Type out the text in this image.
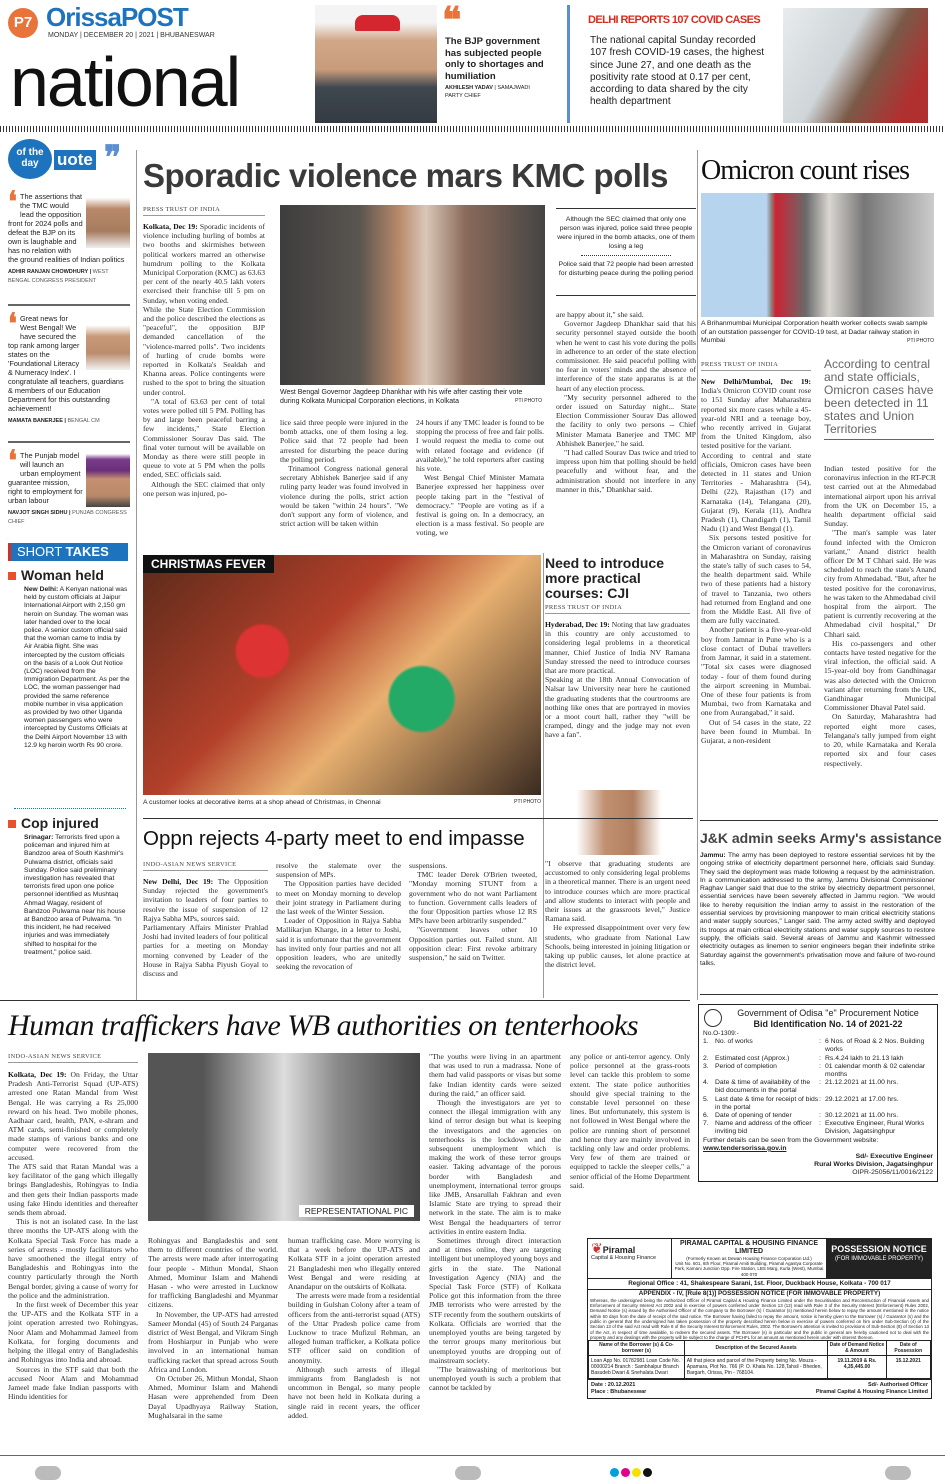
P7 OrissaPOST
MONDAY | DECEMBER 20 | 2021 | BHUBANESWAR
national
❝
The BJP government has subjected people only to shortages and humiliation
AKHILESH YADAV | SAMAJWADI PARTY CHIEF
DELHI REPORTS 107 COVID CASES
The national capital Sunday recorded 107 fresh COVID-19 cases, the highest since June 27, and one death as the positivity rate stood at 0.17 per cent, according to data shared by the city health department
of the day	uote ❞
❛ The assertions that the TMC would lead the opposition front for 2024 polls and defeat the BJP on its own is laughable and has no relation with the ground realities of Indian politics
ADHIR RANJAN CHOWDHURY | WEST BENGAL CONGRESS PRESIDENT
❛ Great news for West Bengal! We have secured the top rank among larger states on the 'Foundational Literacy & Numeracy Index'. I congratulate all teachers, guardians & members of our Education Department for this outstanding achievement!
MAMATA BANERJEE | BENGAL CM
❛ The Punjab model will launch an urban employment guarantee mission, right to employment for urban labour
NAVJOT SINGH SIDHU | PUNJAB CONGRESS CHIEF
SHORT TAKES
Woman held
New Delhi: A Kenyan national was held by custom officials at Jaipur International Airport with 2,150 gm heroin on Sunday. The woman was later handed over to the local police. A senior custom official said that the woman came to India by Air Arabia flight. She was intercepted by the custom officials on the basis of a Look Out Notice (LOC) received from the Immigration Department. As per the LOC, the woman passenger had provided the same reference mobile number in visa application as provided by two other Uganda women passengers who were intercepted by Customs Officials at the Delhi Airport November 13 with 12.9 kg heroin worth Rs 90 crore.
Cop injured
Srinagar: Terrorists fired upon a policeman and injured him at Bandzoo area of South Kashmir's Pulwama district, officials said Sunday. Police said preliminary investigation has revealed that terrorists fired upon one police personnel identified as Mushtaq Ahmad Wagay, resident of Bandzoo Pulwama near his house at Bandzoo area of Pulwama. "In this incident, he had received injuries and was immediately shifted to hospital for the treatment," police said.
Sporadic violence mars KMC polls
PRESS TRUST OF INDIA

Kolkata, Dec 19: Sporadic incidents of violence including hurling of bombs at two booths and skirmishes between political workers marred an otherwise humdrum polling to the Kolkata Municipal Corporation (KMC) as 63.63 per cent of the nearly 40.5 lakh voters exercised their franchise till 5 pm on Sunday, when voting ended.

While the State Election Commission and the police described the elections as "peaceful", the opposition BJP demanded cancellation of the "violence-marred polls". Two incidents of hurling of crude bombs were reported in Kolkata's Sealdah and Khanna areas. Police contingents were rushed to the spot to bring the situation under control.

"A total of 63.63 per cent of total votes were polled till 5 PM. Polling has by and large been peaceful barring a few incidents," State Election Commissioner Sourav Das said. The final voter turnout will be available on Monday as there were still people in queue to vote at 5 PM when the polls ended, SEC officials said.

Although the SEC claimed that only one person was injured, po-

West Bengal Governor Jagdeep Dhankhar with his wife after casting their vote during Kolkata Municipal Corporation elections, in Kolkata	PTI PHOTO

lice said three people were injured in the bomb attacks, one of them losing a leg. Police said that 72 people had been arrested for disturbing the peace during the polling period.

Trinamool Congress national general secretary Abhishek Banerjee said if any ruling party leader was found involved in violence during the polls, strict action would be taken "within 24 hours". "We don't support any form of violence, and strict action will be taken within

24 hours if any TMC leader is found to be stopping the process of free and fair polls. I would request the media to come out with related footage and evidence (if available)," he told reporters after casting his vote.

West Bengal Chief Minister Mamata Banerjee expressed her happiness over people taking part in the "festival of democracy." "People are voting as if a festival is going on. In a democracy, an election is a mass festival. So people are voting, we

Although the SEC claimed that only one person was injured, police said three people were injured in the bomb attacks, one of them losing a leg
Police said that 72 people had been arrested for disturbing peace during the polling period

are happy about it," she said.

Governor Jagdeep Dhankhar said that his security personnel stayed outside the booth when he went to cast his vote during the polls in adherence to an order of the state election commissioner. He said peaceful polling with no fear in voters' minds and the absence of interference of the state apparatus is at the heart of any election process.

"My security personnel adhered to the order issued on Saturday night... State Election Commissioner Sourav Das allowed the facility to only two persons -- Chief Minister Mamata Banerjee and TMC MP Abhishek Banerjee," he said.

"I had called Sourav Das twice and tried to impress upon him that polling should be held peacefully and without fear, and the administration should not interfere in any manner in this," Dhankhar said.

CHRISTMAS FEVER
A customer looks at decorative items at a shop ahead of Christmas, in Chennai	PTI PHOTO
Need to introduce more practical courses: CJI
PRESS TRUST OF INDIA

Hyderabad, Dec 19: Noting that law graduates in this country are only accustomed to considering legal problems in a theoretical manner, Chief Justice of India NV Ramana Sunday stressed the need to introduce courses that are more practical.

Speaking at the 18th Annual Convocation of Nalsar law University near here he cautioned the graduating students that the courtrooms are nothing like ones that are portrayed in movies or a moot court hall, rather they "will be cramped, dingy and the judge may not even have a fan".

"I observe that graduating students are accustomed to only considering legal problems in a theoretical manner. There is an urgent need to introduce courses which are more practical and allow students to interact with people and their issues at the grassroots level," Justice Ramana said.

He expressed disappointment over very few students, who graduate from National Law Schools, being interested in joining litigation or taking up public causes, let alone practice at the district level.

Omicron count rises
A Brihanmumbai Municipal Corporation health worker collects swab sample of an outstation passenger for COVID-19 test, at Dadar railway station in Mumbai	PTI PHOTO
PRESS TRUST OF INDIA

New Delhi/Mumbai, Dec 19: India's Omicron COVID count rose to 151 Sunday after Maharashtra reported six more cases while a 45-year-old NRI and a teenage boy, who recently arrived in Gujarat from the United Kingdom, also tested positive for the variant.

According to central and state officials, Omicron cases have been detected in 11 states and Union Territories - Maharashtra (54), Delhi (22), Rajasthan (17) and Karnataka (14), Telangana (20), Gujarat (9), Kerala (11), Andhra Pradesh (1), Chandigarh (1), Tamil Nadu (1) and West Bengal (1).

Six persons tested positive for the Omicron variant of coronavirus in Maharashtra on Sunday, raising the state's tally of such cases to 54, the health department said. While two of these patients had a history of travel to Tanzania, two others had returned from England and one from the Middle East. All five of them are fully vaccinated.

Another patient is a five-year-old boy from Jamnar in Pune who is a close contact of Dubai travellers from Jamnar, it said in a statement. "Total six cases were diagnosed today - four of them found during the airport screening in Mumbai. One of these four patients is from Mumbai, two from Karnataka and one from Aurangabad," it said.

Out of 54 cases in the state, 22 have been found in Mumbai. In Gujarat, a non-resident

According to central and state officials, Omicron cases have been detected in 11 states and Union Territories

Indian tested positive for the coronavirus infection in the RT-PCR test carried out at the Ahmedabad international airport upon his arrival from the UK on December 15, a health department official said Sunday.

"The man's sample was later found infected with the Omicron variant," Anand district health officer Dr M T Chhari said. He was scheduled to reach the state's Anand city from Ahmedabad. "But, after he tested positive for the coronavirus, he was taken to the Ahmedabad civil hospital from the airport. The patient is currently recovering at the Ahmedabad civil hospital," Dr Chhari said.

His co-passengers and other contacts have tested negative for the viral infection, the official said. A 15-year-old boy from Gandhinagar was also detected with the Omicron variant after returning from the UK, Gandhinagar Municipal Commissioner Dhaval Patel said.

On Saturday, Maharashtra had reported eight more cases, Telangana's tally jumped from eight to 20, while Karnataka and Kerala reported six and four cases respectively.

Oppn rejects 4-party meet to end impasse
INDO-ASIAN NEWS SERVICE

New Delhi, Dec 19: The Opposition Sunday rejected the government's invitation to leaders of four parties to resolve the issue of suspension of 12 Rajya Sabha MPs, sources said.

Parliamentary Affairs Minister Prahlad Joshi had invited leaders of four political parties for a meeting on Monday morning convened by Leader of the House in Rajya Sabha Piyush Goyal to discuss and

resolve the stalemate over the suspension of MPs.

The Opposition parties have decided to meet on Monday morning to develop their joint strategy in Parliament during the last week of the Winter Session.

Leader of Opposition in Rajya Sabha Mallikarjun Kharge, in a letter to Joshi, said it is unfortunate that the government has invited only four parties and not all opposition leaders, who are unitedly seeking the revocation of

suspensions.

TMC leader Derek O'Brien tweeted, "Monday morning STUNT from a government who do not want Parliament to function. Government calls leaders of the four Opposition parties whose 12 RS MPs have been arbitrarily suspended."

"Government leaves other 10 Opposition parties out. Failed stunt. All opposition clear: First revoke arbitrary suspension," he said on Twitter.

J&K admin seeks Army's assistance
Jammu: The army has been deployed to restore essential services hit by the ongoing strike of electricity department personnel here, officials said Sunday. They said the deployment was made following a request by the administration. In a communication addressed to the army, Jammu Divisional Commissioner Raghav Langer said that due to the strike by electricity department personnel, essential services have been severely affected in Jammu region. "We would like to hereby requisition the Indian army to assist in the restoration of the essential services by provisioning manpower to main critical electricity stations and water supply sources," Langer said. The army acted swiftly and deployed its troops at main critical electricity stations and water supply sources to restore supply, the officials said. Several areas of Jammu and Kashmir witnessed electricity outages as linemen to senior engineers began their indefinite strike Saturday against the government's privatisation move and failure of two-round talks.
Human traffickers have WB authorities on tenterhooks
INDO-ASIAN NEWS SERVICE

Kolkata, Dec 19: On Friday, the Uttar Pradesh Anti-Terrorist Squad (UP-ATS) arrested one Ratan Mandal from West Bengal. He was carrying a Rs 25,000 reward on his head. Two mobile phones, Aadhaar card, health, PAN, e-shram and ATM cards, semi-finished or completely made stamps of various banks and one computer were recovered from the accused.

The ATS said that Ratan Mandal was a key facilitator of the gang which illegally brings Bangladeshis, Rohingyas to India and then gets their Indian passports made using fake Hindu identities and thereafter sends them abroad.

This is not an isolated case. In the last three months the UP-ATS along with the Kolkata Special Task Force has made a series of arrests - mostly facilitators who have smoothened the illegal entry of Bangladeshis and Rohingyas into the country particularly through the North Bengal border, giving a cause of worry for the police and the administration.

In the first week of December this year the UP-ATS and the Kolkata STF in a joint operation arrested two Rohingyas, Noor Alam and Mohammad Jameel from Kolkata, for forging documents and helping the illegal entry of Bangladeshis and Rohingyas into India and abroad.

Sources in the STF said that both the accused Noor Alam and Mohammad Jameel made fake Indian passports with Hindu identities for

REPRESENTATIONAL PIC

Rohingyas and Bangladeshis and sent them to different countries of the world. The arrests were made after interrogating four people - Mithun Mondal, Shaon Ahmed, Mominur Islam and Mahendi Hasan - who were arrested in Lucknow for trafficking Bangladeshi and Myanmar citizens.

In November, the UP-ATS had arrested Sameer Mondal (45) of South 24 Parganas district of West Bengal, and Vikram Singh from Hoshiarpur in Punjab who were involved in an international human trafficking racket that spread across South Africa and London.

On October 26, Mithun Mondal, Shaon Ahmed, Mominur Islam and Mahendi Hasan were apprehended from Deen Dayal Upadhyaya Railway Station, Mughalsarai in the same

human trafficking case. More worrying is that a week before the UP-ATS and Kolkata STF in a joint operation arrested 21 Bangladeshi men who illegally entered West Bengal and were residing at Anandapur on the outskirts of Kolkata.

The arrests were made from a residential building in Gulshan Colony after a team of officers from the anti-terrorist squad (ATS) of the Uttar Pradesh police came from Lucknow to trace Mufizul Rehman, an alleged human trafficker, a Kolkata police STF officer said on condition of anonymity.

Although such arrests of illegal immigrants from Bangladesh is not uncommon in Bengal, so many people have not been held in Kolkata during a single raid in recent years, the officer added.

"The youths were living in an apartment that was used to run a madrassa. None of them had valid passports or visas but some fake Indian identity cards were seized during the raid," an officer said.

Though the investigators are yet to connect the illegal immigration with any kind of terror design but what is keeping the investigators and the agencies on tenterhooks is the lockdown and the subsequent unemployment which is making the work of these terror groups easier. Taking advantage of the porous border with Bangladesh and unemployment, international terror groups like JMB, Ansarullah Fakhran and even Islamic State are trying to spread their network in the state. The aim is to make West Bengal the headquarters of terror activities in entire eastern India.

Sometimes through direct interaction and at times online, they are targeting intelligent but unemployed young boys and girls in the state. The National Investigation Agency (NIA) and the Special Task Force (STF) of Kolkata Police got this information from the three JMB terrorists who were arrested by the STF recently from the southern outskirts of Kolkata. Officials are worried that the unemployed youths are being targeted by the terror groups many meritorious but unemployed youths are dropping out of mainstream society.

"The brainwashing of meritorious but unemployed youth is such a problem that cannot be tackled by

any police or anti-terror agency. Only police personnel at the grass-roots level can tackle this problem to some extent. The state police authorities should give special training to the constable level personnel on these lines. But unfortunately, this system is not followed in West Bengal where the police are running short of personnel and hence they are mainly involved in tackling only law and order problems. Very few of them are trained or equipped to tackle the sleeper cells," a senior official of the Home Department said.

Government of Odisa "e" Procurement Notice
Bid Identification No. 14 of 2021-22
No.O-1309:-
1. No. of works	: 6 Nos. of Road & 2 Nos. Building works
2. Estimated cost (Approx.)	: Rs.4.24 lakh to 21.13 lakh
3. Period of completion	: 01 calendar month & 02 calendar months
4. Date & time of availability of the bid documents in the portal
: 21.12.2021 at 11.00 hrs.
5. Last date & time for receipt of bids in the portal
: 29.12.2021 at 17.00 hrs.
6. Date of opening of tender	: 30.12.2021 at 11.00 hrs.
7. Name and address of the officer inviting bid
: Executive Engineer, Rural Works Division, Jagatsinghpur
Further details can be seen from the Government website:
www.tendersorissa.gov.in
Sd/- Executive Engineer
Rural Works Division, Jagatsinghpur
OIPR-25056/11/0016/2122
❦Piramal
Capital & Housing Finance
PIRAMAL CAPITAL & HOUSING FINANCE LIMITED
(Formerly Known as Dewan Housing Finance Corporation Ltd.)
Unit No. 601, 6th Floor, Piramal Amiti Building, Piramal Agastya Corporate Park, Kamani Junction Opp. Fire Station, LBS Marg, Kurla (West), Mumbai 400 070
POSSESSION NOTICE
(FOR IMMOVABLE PROPERTY)
Regional Office : 41, Shakespeare Sarani, 1st. Floor, Duckback House, Kolkata - 700 017
APPENDIX - IV, [Rule 8(1)] POSSESSION NOTICE (FOR IMMOVABLE PROPERTY)
Whereas, the undersigned being the Authorized Officer of Piramal Capital & Housing Finance Limited under the Securitisation and Reconstruction of Financial Assets and Enforcement of Security Interest Act 2002 and in exercise of powers conferred under Section 13 (12) read with Rule 3 of the Security Interest (Enforcement) Rules 2002, Demand Notice (s) issued by the Authorised Officer of the company to the Borrower (s) / Guarantor (s) mentioned herein below to repay the amount mentioned in the notice within 60 days from the date of receipt of the said notice. The Borrower having failed to repay the amount, notice is hereby given to the Borrower (s) / Guarantor (s) and the public in general that the undersigned has taken possession of the property described herein below in exercise of powers conferred on him under Sub-Section (4) of the Section 13 of the said Act read with Rule 8 of the Security Interest Enforcement Rules, 2002. The Borrower's attention is invited to provisions of Sub-Section (8) of Section 13 of the Act, in respect of time available, to redeem the secured assets. The Borrower (s) in particular and the public in general are hereby cautioned not to deal with the property and any dealings with the property will be subject to the charge of PCHFL for an amount as mentioned herein under with interest thereon.
Name of the Borrower (s) & Co-borrower (s)	Description of the Secured Assets	Date of Demand Notice & Amount	Date of Possession
Loan App No. 01782981 Loan Code No. 00000214 Branch : Sambhalpur Branch Basudeb Dwari & Snehalata Dwari	All that piece and parcel of the Property being No. Mouza - Apamara, Plot No. 766 (P. O. Khata No. 128,Tahsil - Bheden, Bargarh, Orissa, Pin - 768104.	19.11.2019 & Rs. 4,35,445.00	15.12.2021
Date : 20.12.2021
Place : Bhubaneswar
Sd/- Authorised Officer
Piramal Capital & Housing Finance Limited
